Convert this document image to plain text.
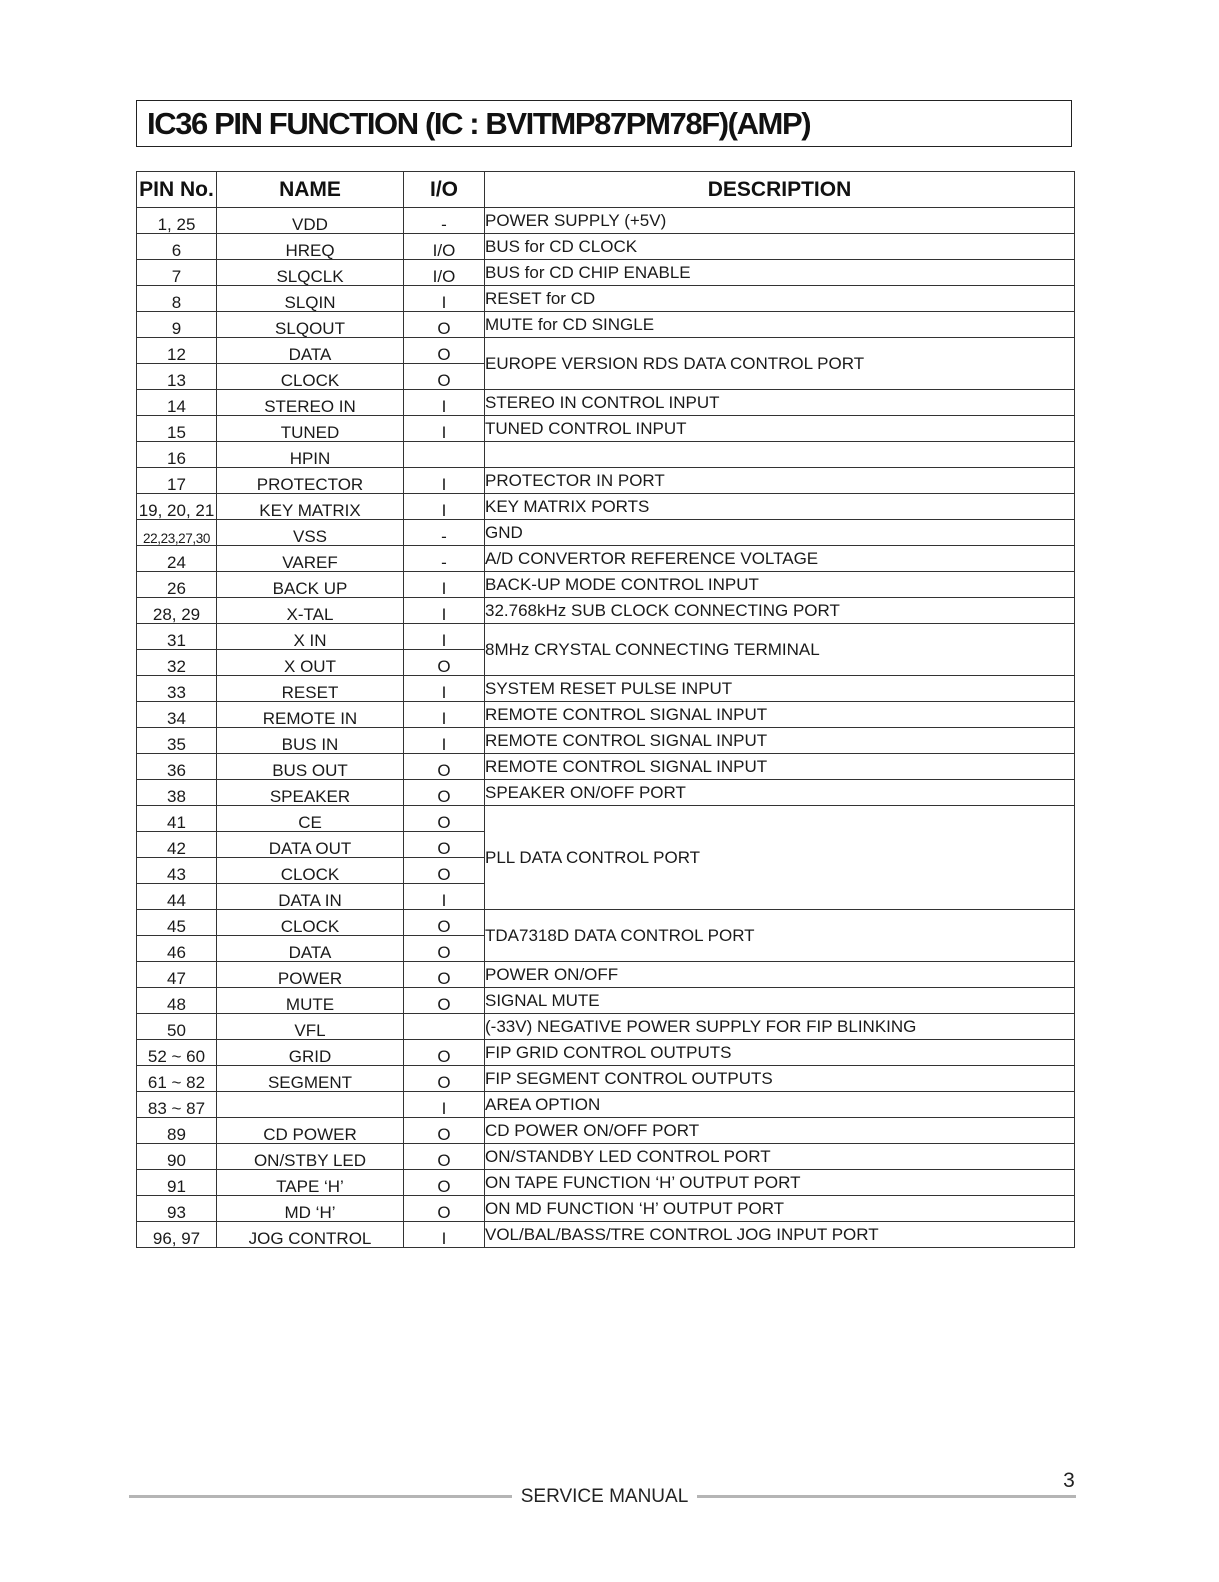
IC36 PIN FUNCTION (IC : BVITMP87PM78F)(AMP)
PIN No.	NAME	I/O	DESCRIPTION
1, 25	VDD	-	POWER SUPPLY (+5V)
6	HREQ	I/O	BUS for CD CLOCK
7	SLQCLK	I/O	BUS for CD CHIP ENABLE
8	SLQIN	I	RESET for CD
9	SLQOUT	O	MUTE for CD SINGLE
12	DATA	O	EUROPE VERSION RDS DATA CONTROL PORT
13	CLOCK	O	
14	STEREO IN	I	STEREO IN CONTROL INPUT
15	TUNED	I	TUNED CONTROL INPUT
16	HPIN		
17	PROTECTOR	I	PROTECTOR IN PORT
19, 20, 21	KEY MATRIX	I	KEY MATRIX PORTS
22,23,27,30	VSS	-	GND
24	VAREF	-	A/D CONVERTOR REFERENCE VOLTAGE
26	BACK UP	I	BACK-UP MODE CONTROL INPUT
28, 29	X-TAL	I	32.768kHz SUB CLOCK CONNECTING PORT
31	X IN	I	8MHz CRYSTAL CONNECTING TERMINAL
32	X OUT	O	
33	RESET	I	SYSTEM RESET PULSE INPUT
34	REMOTE IN	I	REMOTE CONTROL SIGNAL INPUT
35	BUS IN	I	REMOTE CONTROL SIGNAL INPUT
36	BUS OUT	O	REMOTE CONTROL SIGNAL INPUT
38	SPEAKER	O	SPEAKER ON/OFF PORT
41	CE	O	PLL DATA CONTROL PORT
42	DATA OUT	O	
43	CLOCK	O	
44	DATA IN	I	
45	CLOCK	O	TDA7318D DATA CONTROL PORT
46	DATA	O	
47	POWER	O	POWER ON/OFF
48	MUTE	O	SIGNAL MUTE
50	VFL		(-33V) NEGATIVE POWER SUPPLY FOR FIP BLINKING
52 ~ 60	GRID	O	FIP GRID CONTROL OUTPUTS
61 ~ 82	SEGMENT	O	FIP SEGMENT CONTROL OUTPUTS
83 ~ 87		I	AREA OPTION
89	CD POWER	O	CD POWER ON/OFF PORT
90	ON/STBY LED	O	ON/STANDBY LED CONTROL PORT
91	TAPE ‘H’	O	ON TAPE FUNCTION ‘H’ OUTPUT PORT
93	MD ‘H’	O	ON MD FUNCTION ‘H’ OUTPUT PORT
96, 97	JOG CONTROL	I	VOL/BAL/BASS/TRE CONTROL JOG INPUT PORT
SERVICE MANUAL
3
